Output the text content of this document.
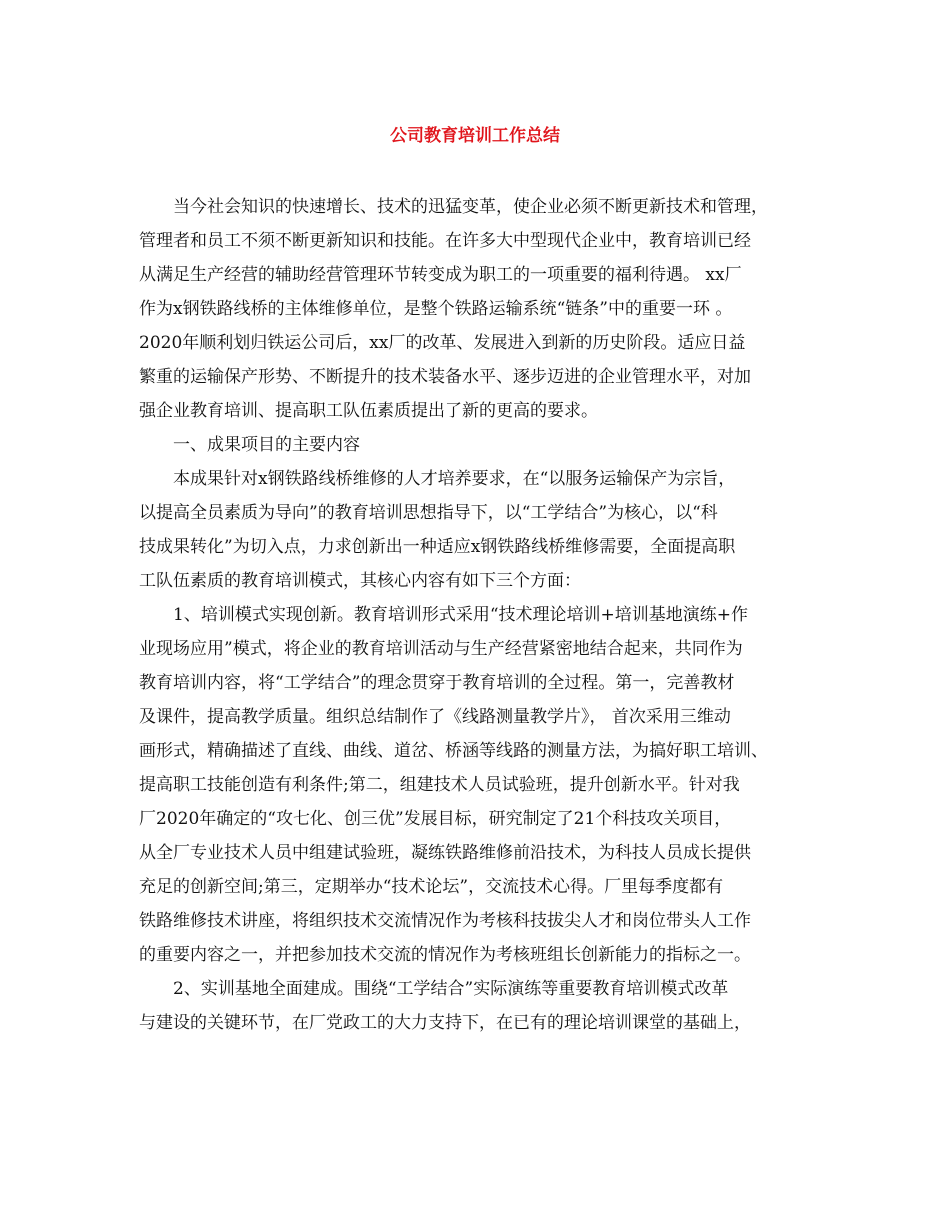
公司教育培训工作总结
当今社会知识的快速增长、技术的迅猛变革，使企业必须不断更新技术和管理，
管理者和员工不须不断更新知识和技能。在许多大中型现代企业中，教育培训已经
从满足生产经营的辅助经营管理环节转变成为职工的一项重要的福利待遇。 xx厂
作为x钢铁路线桥的主体维修单位，是整个铁路运输系统“链条”中的重要一环 。
2020年顺利划归铁运公司后，xx厂的改革、发展进入到新的历史阶段。适应日益
繁重的运输保产形势、不断提升的技术装备水平、逐步迈进的企业管理水平，对加
强企业教育培训、提高职工队伍素质提出了新的更高的要求。
一、成果项目的主要内容
本成果针对x钢铁路线桥维修的人才培养要求，在“以服务运输保产为宗旨，
以提高全员素质为导向”的教育培训思想指导下，以“工学结合”为核心，以“科
技成果转化”为切入点，力求创新出一种适应x钢铁路线桥维修需要，全面提高职
工队伍素质的教育培训模式，其核心内容有如下三个方面：
1、培训模式实现创新。教育培训形式采用“技术理论培训+培训基地演练+作
业现场应用”模式，将企业的教育培训活动与生产经营紧密地结合起来，共同作为
教育培训内容，将“工学结合”的理念贯穿于教育培训的全过程。第一，完善教材
及课件，提高教学质量。组织总结制作了《线路测量教学片》， 首次采用三维动
画形式，精确描述了直线、曲线、道岔、桥涵等线路的测量方法，为搞好职工培训、
提高职工技能创造有利条件;第二，组建技术人员试验班，提升创新水平。针对我
厂2020年确定的“攻七化、创三优”发展目标，研究制定了21个科技攻关项目，
从全厂专业技术人员中组建试验班，凝练铁路维修前沿技术，为科技人员成长提供
充足的创新空间;第三，定期举办“技术论坛”，交流技术心得。厂里每季度都有
铁路维修技术讲座，将组织技术交流情况作为考核科技拔尖人才和岗位带头人工作
的重要内容之一，并把参加技术交流的情况作为考核班组长创新能力的指标之一。
2、实训基地全面建成。围绕“工学结合”实际演练等重要教育培训模式改革
与建设的关键环节，在厂党政工的大力支持下，在已有的理论培训课堂的基础上，
